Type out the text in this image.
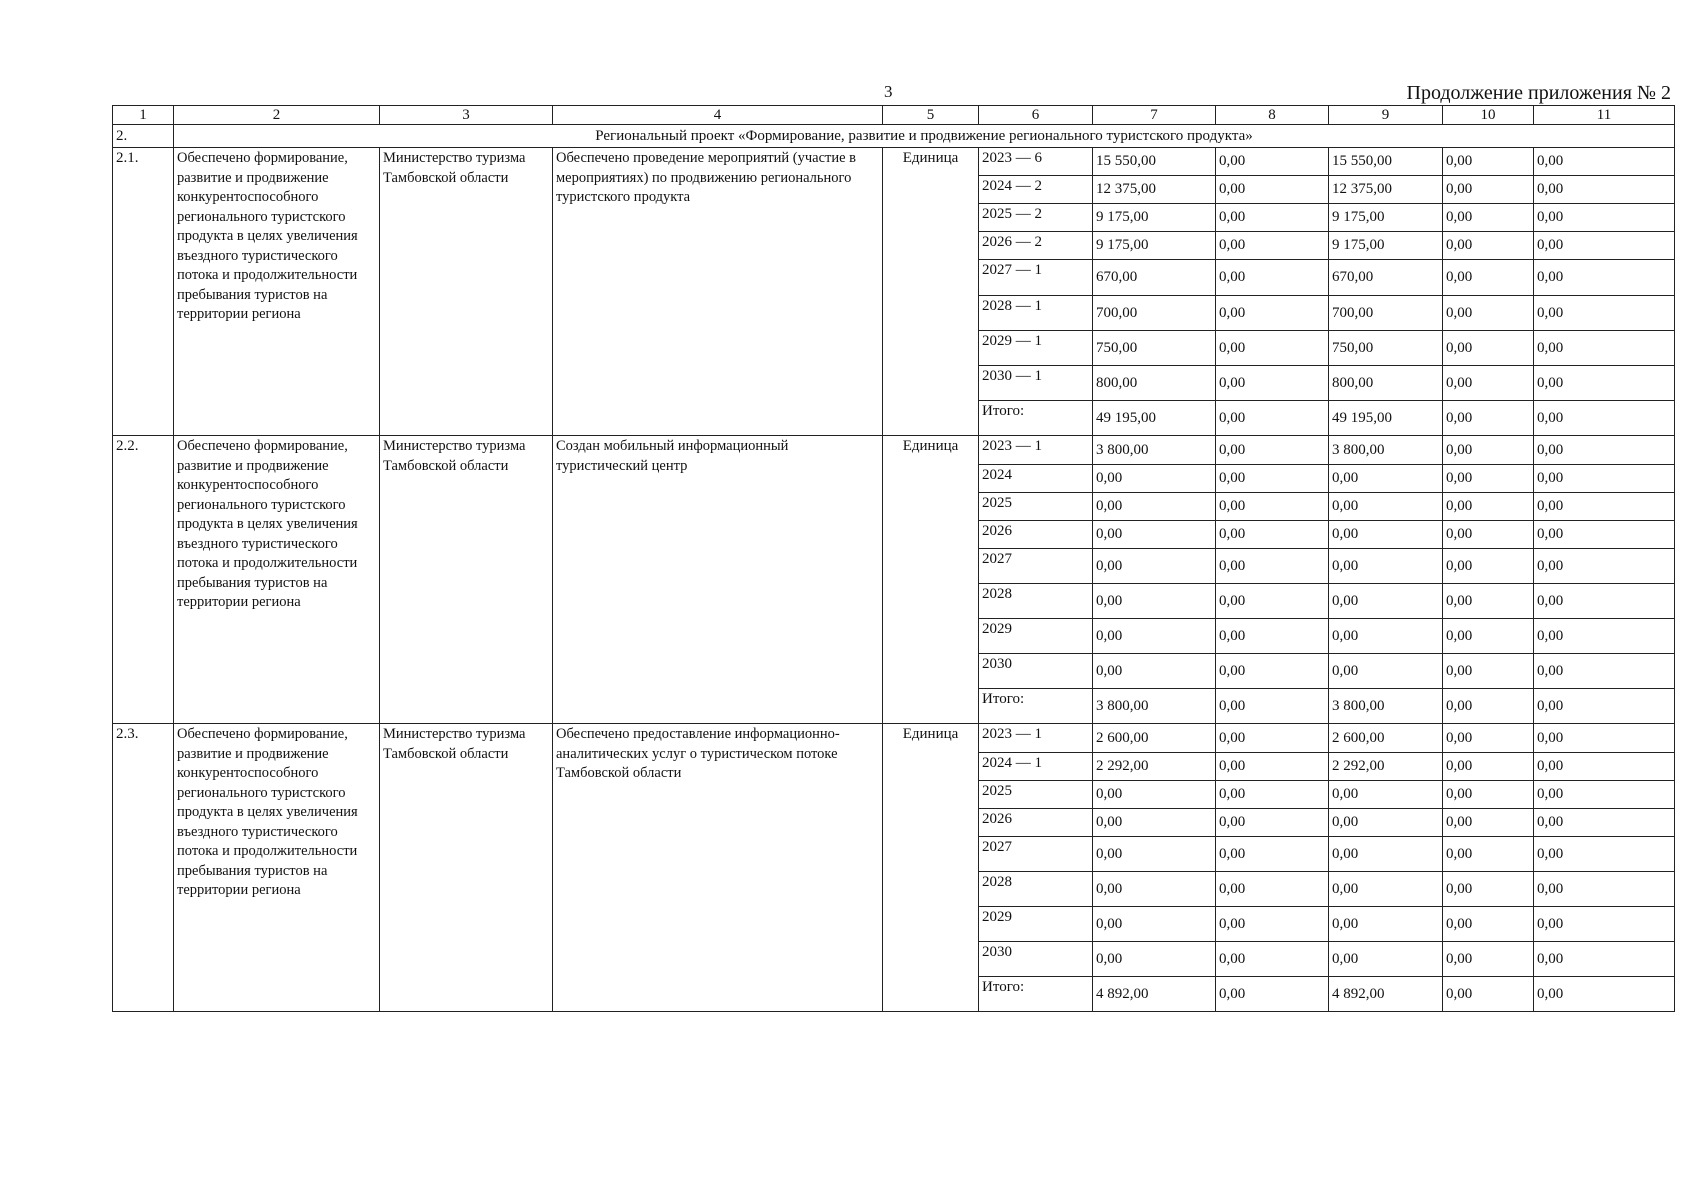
3	Продолжение приложения № 2
1	2	3	4	5	6	7	8	9	10	11
2.	Региональный проект «Формирование, развитие и продвижение регионального туристского продукта»									
2.1.	Обеспечено формирование, развитие и продвижение конкурентоспособного регионального туристского продукта в целях увеличения въездного туристического потока и продолжительности пребывания туристов на территории региона	Министерство туризма Тамбовской области	Обеспечено проведение мероприятий (участие в мероприятиях) по продвижению регионального туристского продукта	Единица	2023 — 6	15 550,00	0,00	15 550,00	0,00	0,00
					2024 — 2	12 375,00	0,00	12 375,00	0,00	0,00
					2025 — 2	9 175,00	0,00	9 175,00	0,00	0,00
					2026 — 2	9 175,00	0,00	9 175,00	0,00	0,00
					2027 — 1	670,00	0,00	670,00	0,00	0,00
					2028 — 1	700,00	0,00	700,00	0,00	0,00
					2029 — 1	750,00	0,00	750,00	0,00	0,00
					2030 — 1	800,00	0,00	800,00	0,00	0,00
					Итого:	49 195,00	0,00	49 195,00	0,00	0,00
2.2.	Обеспечено формирование, развитие и продвижение конкурентоспособного регионального туристского продукта в целях увеличения въездного туристического потока и продолжительности пребывания туристов на территории региона	Министерство туризма Тамбовской области	Создан мобильный информационный туристический центр	Единица	2023 — 1	3 800,00	0,00	3 800,00	0,00	0,00
					2024	0,00	0,00	0,00	0,00	0,00
					2025	0,00	0,00	0,00	0,00	0,00
					2026	0,00	0,00	0,00	0,00	0,00
					2027	0,00	0,00	0,00	0,00	0,00
					2028	0,00	0,00	0,00	0,00	0,00
					2029	0,00	0,00	0,00	0,00	0,00
					2030	0,00	0,00	0,00	0,00	0,00
					Итого:	3 800,00	0,00	3 800,00	0,00	0,00
2.3.	Обеспечено формирование, развитие и продвижение конкурентоспособного регионального туристского продукта в целях увеличения въездного туристического потока и продолжительности пребывания туристов на территории региона	Министерство туризма Тамбовской области	Обеспечено предоставление информационно-аналитических услуг о туристическом потоке Тамбовской области	Единица	2023 — 1	2 600,00	0,00	2 600,00	0,00	0,00
					2024 — 1	2 292,00	0,00	2 292,00	0,00	0,00
					2025	0,00	0,00	0,00	0,00	0,00
					2026	0,00	0,00	0,00	0,00	0,00
					2027	0,00	0,00	0,00	0,00	0,00
					2028	0,00	0,00	0,00	0,00	0,00
					2029	0,00	0,00	0,00	0,00	0,00
					2030	0,00	0,00	0,00	0,00	0,00
					Итого:	4 892,00	0,00	4 892,00	0,00	0,00
